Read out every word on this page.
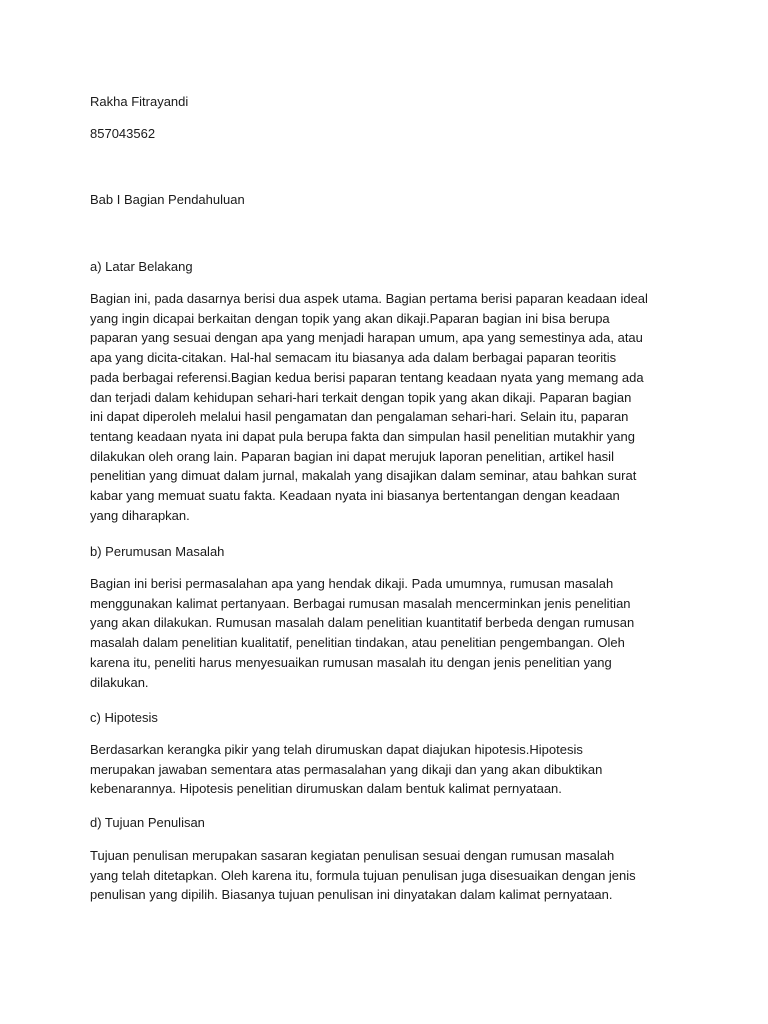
Rakha Fitrayandi

857043562

Bab I Bagian Pendahuluan

a) Latar Belakang

Bagian ini, pada dasarnya berisi dua aspek utama. Bagian pertama berisi paparan keadaan ideal
yang ingin dicapai berkaitan dengan topik yang akan dikaji.Paparan bagian ini bisa berupa
paparan yang sesuai dengan apa yang menjadi harapan umum, apa yang semestinya ada, atau
apa yang dicita-citakan. Hal-hal semacam itu biasanya ada dalam berbagai paparan teoritis
pada berbagai referensi.Bagian kedua berisi paparan tentang keadaan nyata yang memang ada
dan terjadi dalam kehidupan sehari-hari terkait dengan topik yang akan dikaji. Paparan bagian
ini dapat diperoleh melalui hasil pengamatan dan pengalaman sehari-hari. Selain itu, paparan
tentang keadaan nyata ini dapat pula berupa fakta dan simpulan hasil penelitian mutakhir yang
dilakukan oleh orang lain. Paparan bagian ini dapat merujuk laporan penelitian, artikel hasil
penelitian yang dimuat dalam jurnal, makalah yang disajikan dalam seminar, atau bahkan surat
kabar yang memuat suatu fakta. Keadaan nyata ini biasanya bertentangan dengan keadaan
yang diharapkan.

b) Perumusan Masalah

Bagian ini berisi permasalahan apa yang hendak dikaji. Pada umumnya, rumusan masalah
menggunakan kalimat pertanyaan. Berbagai rumusan masalah mencerminkan jenis penelitian
yang akan dilakukan. Rumusan masalah dalam penelitian kuantitatif berbeda dengan rumusan
masalah dalam penelitian kualitatif, penelitian tindakan, atau penelitian pengembangan. Oleh
karena itu, peneliti harus menyesuaikan rumusan masalah itu dengan jenis penelitian yang
dilakukan.

c) Hipotesis

Berdasarkan kerangka pikir yang telah dirumuskan dapat diajukan hipotesis.Hipotesis
merupakan jawaban sementara atas permasalahan yang dikaji dan yang akan dibuktikan
kebenarannya. Hipotesis penelitian dirumuskan dalam bentuk kalimat pernyataan.

d) Tujuan Penulisan

Tujuan penulisan merupakan sasaran kegiatan penulisan sesuai dengan rumusan masalah
yang telah ditetapkan. Oleh karena itu, formula tujuan penulisan juga disesuaikan dengan jenis
penulisan yang dipilih. Biasanya tujuan penulisan ini dinyatakan dalam kalimat pernyataan.
